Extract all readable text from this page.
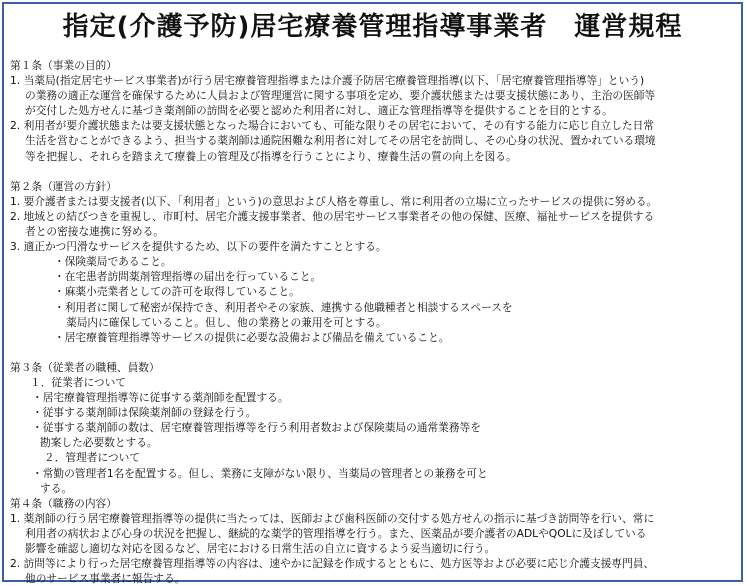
指定(介護予防)居宅療養管理指導事業者　運営規程
第１条（事業の目的）
1. 当薬局(指定居宅サービス事業者)が行う居宅療養管理指導または介護予防居宅療養管理指導(以下、「居宅療養管理指導等」という)
の業務の適正な運営を確保するために人員および管理運営に関する事項を定め、要介護状態または要支援状態にあり、主治の医師等
が交付した処方せんに基づき薬剤師の訪問を必要と認めた利用者に対し、適正な管理指導等を提供することを目的とする。
2. 利用者が要介護状態または要支援状態となった場合においても、可能な限りその居宅において、その有する能力に応じ自立した日常
生活を営むことができるよう、担当する薬剤師は通院困難な利用者に対してその居宅を訪問し、その心身の状況、置かれている環境
等を把握し、それらを踏まえて療養上の管理及び指導を行うことにより、療養生活の質の向上を図る。
第２条（運営の方針）
1. 要介護者または要支援者(以下、「利用者」という)の意思および人格を尊重し、常に利用者の立場に立ったサービスの提供に努める。
2. 地域との結びつきを重視し、市町村、居宅介護支援事業者、他の居宅サービス事業者その他の保健、医療、福祉サービスを提供する
者との密接な連携に努める。
3. 適正かつ円滑なサービスを提供するため、以下の要件を満たすこととする。
・保険薬局であること。
・在宅患者訪問薬剤管理指導の届出を行っていること。
・麻薬小売業者としての許可を取得していること。
・利用者に関して秘密が保持でき、利用者やその家族、連携する他職種者と相談するスペースを
薬局内に確保していること。但し、他の業務との兼用を可とする。
・居宅療養管理指導等サービスの提供に必要な設備および備品を備えていること。
第３条（従業者の職種、員数）
１．従業者について
・居宅療養管理指導等に従事する薬剤師を配置する。
・従事する薬剤師は保険薬剤師の登録を行う。
・従事する薬剤師の数は、居宅療養管理指導等を行う利用者数および保険薬局の通常業務等を
勘案した必要数とする。
２．管理者について
・常勤の管理者1名を配置する。但し、業務に支障がない限り、当薬局の管理者との兼務を可と
する。
第４条（職務の内容）
1. 薬剤師の行う居宅療養管理指導等の提供に当たっては、医師および歯科医師の交付する処方せんの指示に基づき訪問等を行い、常に
利用者の病状および心身の状況を把握し、継続的な薬学的管理指導を行う。また、医薬品が要介護者のADLやQOLに及ぼしている
影響を確認し適切な対応を図るなど、居宅における日常生活の自立に資するよう妥当適切に行う。
2. 訪問等により行った居宅療養管理指導等の内容は、速やかに記録を作成するとともに、処方医等および必要に応じ介護支援専門員、
他のサービス事業者に報告する。
